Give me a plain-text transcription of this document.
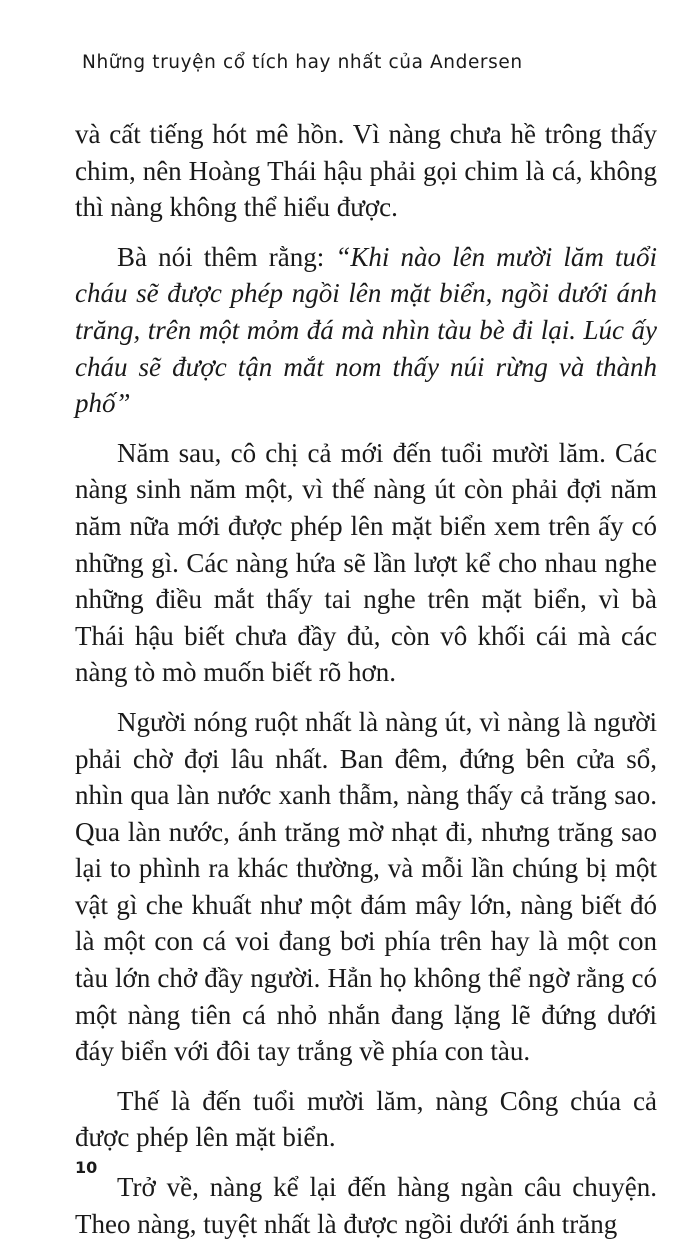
Những truyện cổ tích hay nhất của Andersen

và cất tiếng hót mê hồn. Vì nàng chưa hề trông thấy chim, nên Hoàng Thái hậu phải gọi chim là cá, không thì nàng không thể hiểu được.

Bà nói thêm rằng: “Khi nào lên mười lăm tuổi cháu sẽ được phép ngồi lên mặt biển, ngồi dưới ánh trăng, trên một mỏm đá mà nhìn tàu bè đi lại. Lúc ấy cháu sẽ được tận mắt nom thấy núi rừng và thành phố”

Năm sau, cô chị cả mới đến tuổi mười lăm. Các nàng sinh năm một, vì thế nàng út còn phải đợi năm năm nữa mới được phép lên mặt biển xem trên ấy có những gì. Các nàng hứa sẽ lần lượt kể cho nhau nghe những điều mắt thấy tai nghe trên mặt biển, vì bà Thái hậu biết chưa đầy đủ, còn vô khối cái mà các nàng tò mò muốn biết rõ hơn.

Người nóng ruột nhất là nàng út, vì nàng là người phải chờ đợi lâu nhất. Ban đêm, đứng bên cửa sổ, nhìn qua làn nước xanh thẫm, nàng thấy cả trăng sao. Qua làn nước, ánh trăng mờ nhạt đi, nhưng trăng sao lại to phình ra khác thường, và mỗi lần chúng bị một vật gì che khuất như một đám mây lớn, nàng biết đó là một con cá voi đang bơi phía trên hay là một con tàu lớn chở đầy người. Hẳn họ không thể ngờ rằng có một nàng tiên cá nhỏ nhắn đang lặng lẽ đứng dưới đáy biển với đôi tay trắng về phía con tàu.

Thế là đến tuổi mười lăm, nàng Công chúa cả được phép lên mặt biển.

Trở về, nàng kể lại đến hàng ngàn câu chuyện. Theo nàng, tuyệt nhất là được ngồi dưới ánh trăng

10
